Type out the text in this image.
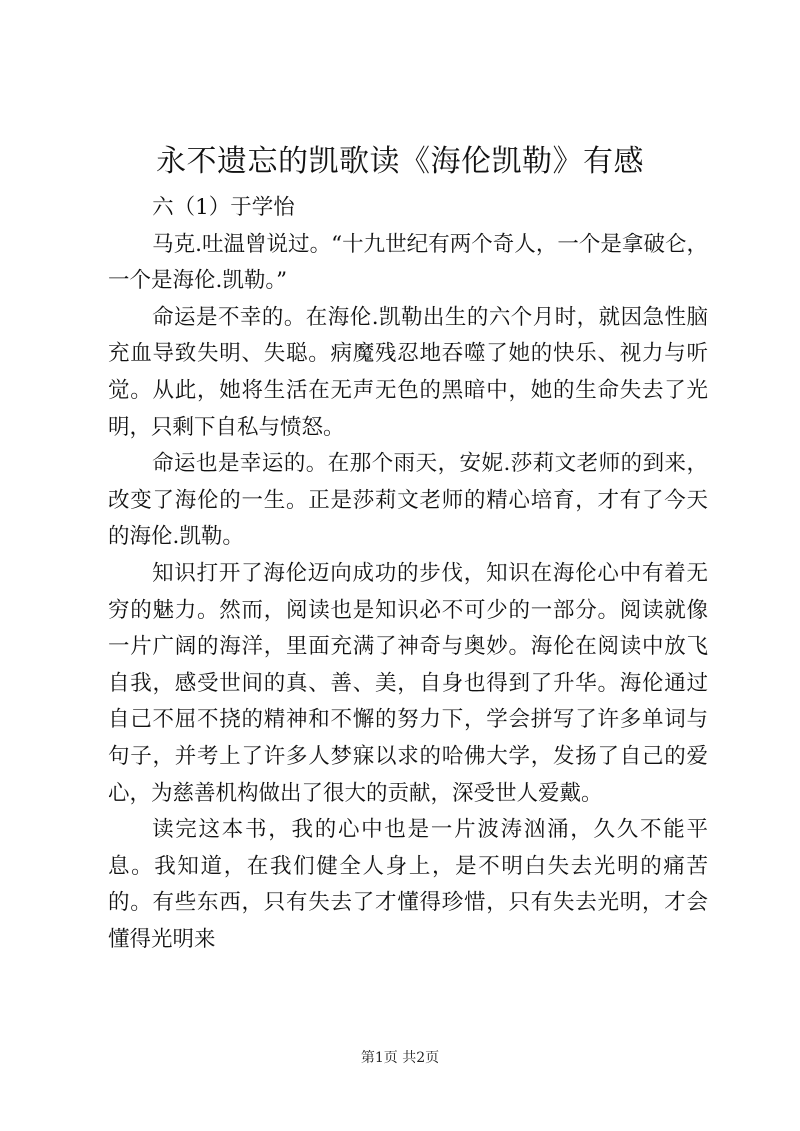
永不遗忘的凯歌读《海伦凯勒》有感

六（1）于学怡

马克.吐温曾说过。“十九世纪有两个奇人，一个是拿破仑，一个是海伦.凯勒。”

命运是不幸的。在海伦.凯勒出生的六个月时，就因急性脑充血导致失明、失聪。病魔残忍地吞噬了她的快乐、视力与听觉。从此，她将生活在无声无色的黑暗中，她的生命失去了光明，只剩下自私与愤怒。

命运也是幸运的。在那个雨天，安妮.莎莉文老师的到来，改变了海伦的一生。正是莎莉文老师的精心培育，才有了今天的海伦.凯勒。

知识打开了海伦迈向成功的步伐，知识在海伦心中有着无穷的魅力。然而，阅读也是知识必不可少的一部分。阅读就像一片广阔的海洋，里面充满了神奇与奥妙。海伦在阅读中放飞自我，感受世间的真、善、美，自身也得到了升华。海伦通过自己不屈不挠的精神和不懈的努力下，学会拼写了许多单词与句子，并考上了许多人梦寐以求的哈佛大学，发扬了自己的爱心，为慈善机构做出了很大的贡献，深受世人爱戴。

读完这本书，我的心中也是一片波涛汹涌，久久不能平息。我知道，在我们健全人身上，是不明白失去光明的痛苦的。有些东西，只有失去了才懂得珍惜，只有失去光明，才会懂得光明来

第1页 共2页
